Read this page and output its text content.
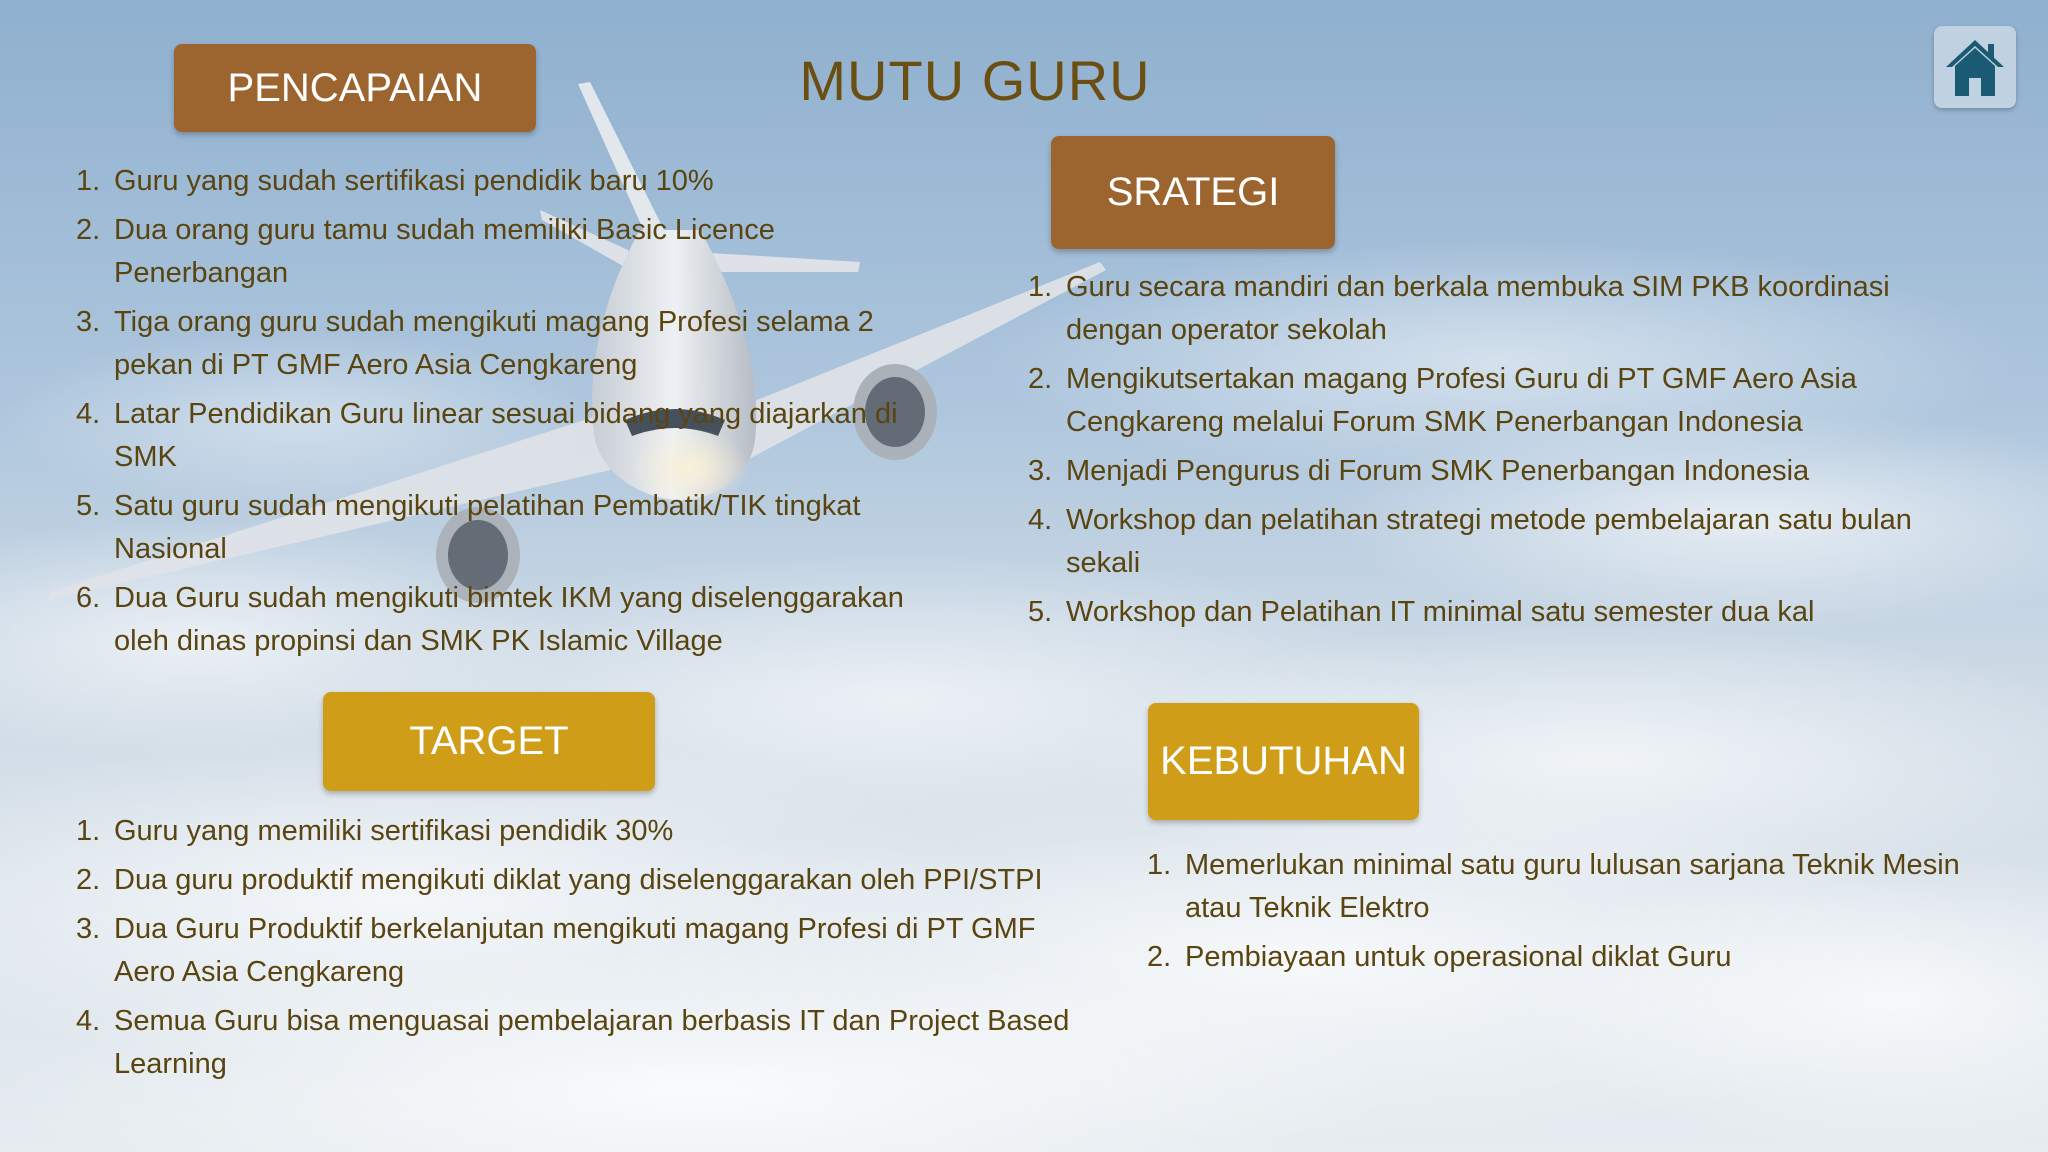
MUTU GURU
PENCAPAIAN
1. Guru yang sudah sertifikasi pendidik baru 10%
2. Dua orang guru tamu sudah memiliki Basic Licence Penerbangan
3. Tiga orang guru sudah mengikuti magang Profesi selama 2 pekan di PT GMF Aero Asia Cengkareng
4. Latar Pendidikan Guru linear sesuai bidang yang diajarkan di SMK
5. Satu guru sudah mengikuti pelatihan Pembatik/TIK tingkat Nasional
6. Dua Guru sudah mengikuti bimtek IKM yang diselenggarakan oleh dinas propinsi dan SMK PK Islamic Village
SRATEGI
1. Guru secara mandiri dan berkala membuka SIM PKB koordinasi dengan operator sekolah
2. Mengikutsertakan magang Profesi Guru di PT GMF Aero Asia Cengkareng melalui Forum SMK Penerbangan Indonesia
3. Menjadi Pengurus di Forum SMK Penerbangan Indonesia
4. Workshop dan pelatihan strategi metode pembelajaran satu bulan sekali
5. Workshop dan Pelatihan IT minimal satu semester dua kal
TARGET
1. Guru yang memiliki sertifikasi pendidik 30%
2. Dua guru produktif mengikuti diklat yang diselenggarakan oleh PPI/STPI
3. Dua Guru Produktif berkelanjutan mengikuti magang Profesi di PT GMF Aero Asia Cengkareng
4. Semua Guru bisa menguasai pembelajaran berbasis IT dan Project Based Learning
KEBUTUHAN
1. Memerlukan minimal satu guru lulusan sarjana Teknik Mesin atau Teknik Elektro
2. Pembiayaan untuk operasional diklat Guru
